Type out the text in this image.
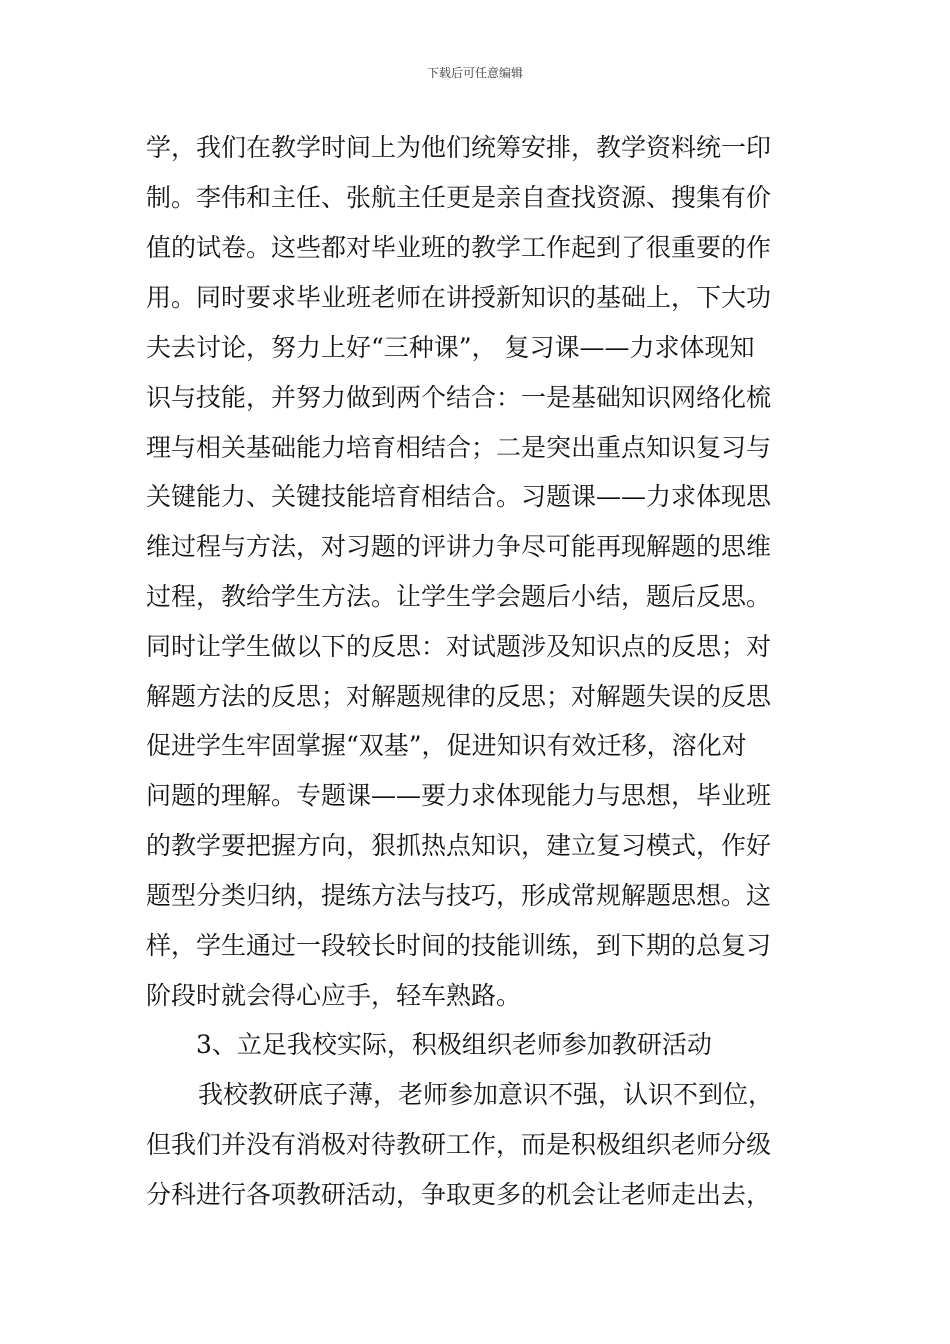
下载后可任意编辑
学，我们在教学时间上为他们统筹安排，教学资料统一印
制。李伟和主任、张航主任更是亲自查找资源、搜集有价
值的试卷。这些都对毕业班的教学工作起到了很重要的作
用。同时要求毕业班老师在讲授新知识的基础上，下大功
夫去讨论，努力上好“三种课”， 复习课——力求体现知
识与技能，并努力做到两个结合：一是基础知识网络化梳
理与相关基础能力培育相结合；二是突出重点知识复习与
关键能力、关键技能培育相结合。习题课——力求体现思
维过程与方法，对习题的评讲力争尽可能再现解题的思维
过程，教给学生方法。让学生学会题后小结，题后反思。
同时让学生做以下的反思：对试题涉及知识点的反思；对
解题方法的反思；对解题规律的反思；对解题失误的反思
促进学生牢固掌握“双基”，促进知识有效迁移，溶化对
问题的理解。专题课——要力求体现能力与思想，毕业班
的教学要把握方向，狠抓热点知识，建立复习模式，作好
题型分类归纳，提练方法与技巧，形成常规解题思想。这
样，学生通过一段较长时间的技能训练，到下期的总复习
阶段时就会得心应手，轻车熟路。
3、立足我校实际，积极组织老师参加教研活动
我校教研底子薄，老师参加意识不强，认识不到位，
但我们并没有消极对待教研工作，而是积极组织老师分级
分科进行各项教研活动，争取更多的机会让老师走出去，
